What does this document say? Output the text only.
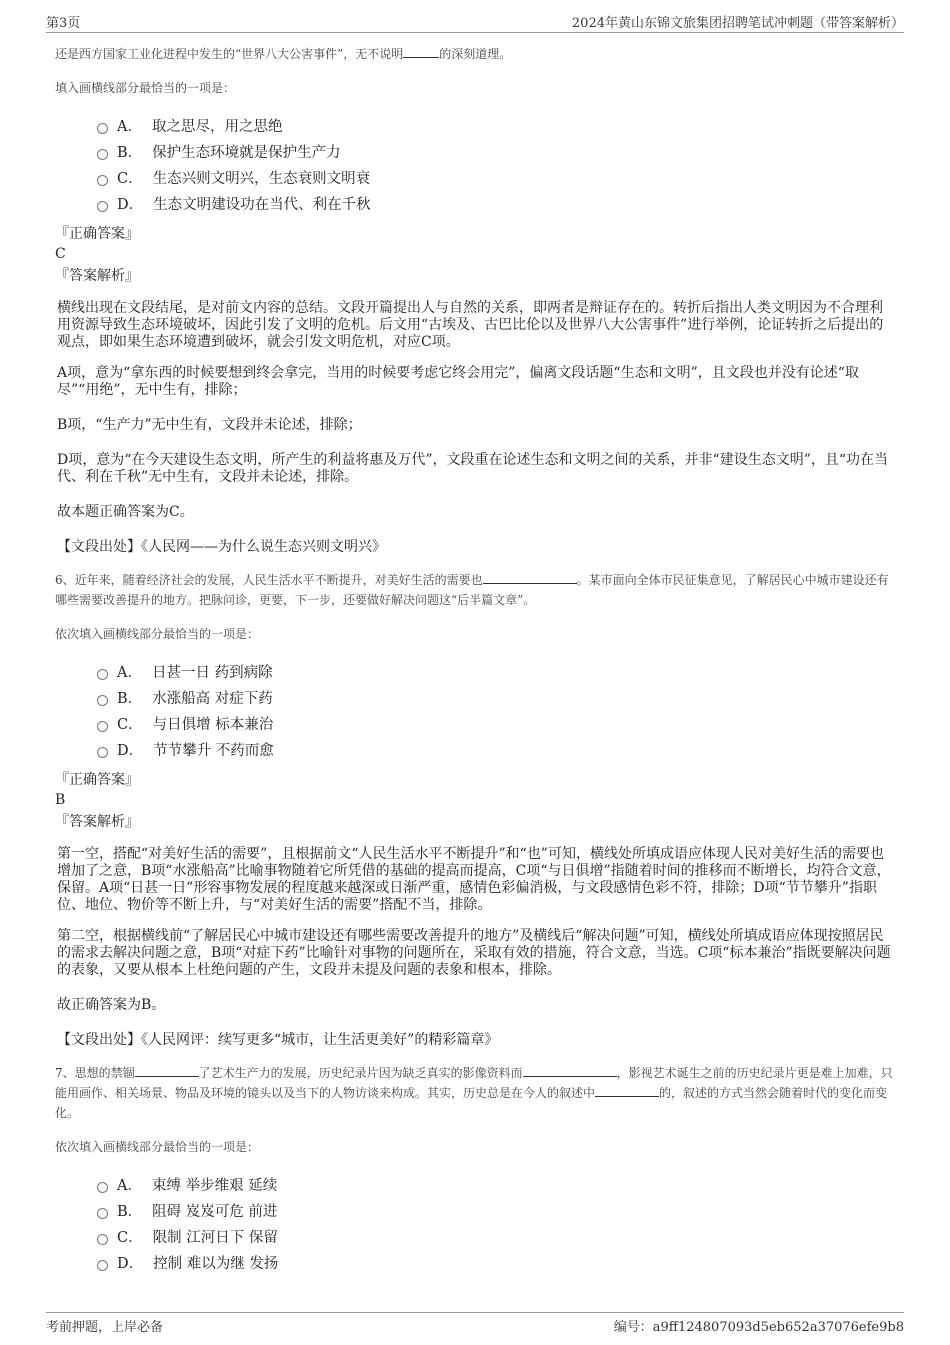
第3页	2024年黄山东锦文旅集团招聘笔试冲刺题（带答案解析）
还是西方国家工业化进程中发生的“世界八大公害事件”，无不说明	的深刻道理。
填入画横线部分最恰当的一项是：
A． 取之思尽，用之思绝
B． 保护生态环境就是保护生产力
C． 生态兴则文明兴，生态衰则文明衰
D． 生态文明建设功在当代、利在千秋
『正确答案』
C
『答案解析』
横线出现在文段结尾，是对前文内容的总结。文段开篇提出人与自然的关系，即两者是辩证存在的。转折后指出人类文明因为不合理利用资源导致生态环境破坏，因此引发了文明的危机。后文用“古埃及、古巴比伦以及世界八大公害事件”进行举例，论证转折之后提出的观点，即如果生态环境遭到破坏，就会引发文明危机，对应C项。
A项，意为“拿东西的时候要想到终会拿完，当用的时候要考虑它终会用完”，偏离文段话题“生态和文明”，且文段也并没有论述“取尽”“用绝”，无中生有，排除；
B项，“生产力”无中生有，文段并未论述，排除；
D项，意为“在今天建设生态文明，所产生的利益将惠及万代”，文段重在论述生态和文明之间的关系，并非“建设生态文明”，且“功在当代、利在千秋”无中生有，文段并未论述，排除。
故本题正确答案为C。
【文段出处】《人民网——为什么说生态兴则文明兴》
6、近年来，随着经济社会的发展，人民生活水平不断提升，对美好生活的需要也	。某市面向全体市民征集意见，了解居民心中城市建设还有哪些需要改善提升的地方。把脉问诊，更要，下一步，还要做好解决问题这“后半篇文章”。
依次填入画横线部分最恰当的一项是：
A． 日甚一日 药到病除
B． 水涨船高 对症下药
C． 与日俱增 标本兼治
D． 节节攀升 不药而愈
『正确答案』
B
『答案解析』
第一空，搭配“对美好生活的需要”，且根据前文“人民生活水平不断提升”和“也”可知，横线处所填成语应体现人民对美好生活的需要也增加了之意，B项“水涨船高”比喻事物随着它所凭借的基础的提高而提高，C项“与日俱增”指随着时间的推移而不断增长，均符合文意，保留。A项“日甚一日”形容事物发展的程度越来越深或日渐严重，感情色彩偏消极，与文段感情色彩不符，排除；D项“节节攀升”指职位、地位、物价等不断上升，与“对美好生活的需要”搭配不当，排除。
第二空，根据横线前“了解居民心中城市建设还有哪些需要改善提升的地方”及横线后“解决问题”可知，横线处所填成语应体现按照居民的需求去解决问题之意，B项“对症下药”比喻针对事物的问题所在，采取有效的措施，符合文意，当选。C项“标本兼治”指既要解决问题的表象，又要从根本上杜绝问题的产生，文段并未提及问题的表象和根本，排除。
故正确答案为B。
【文段出处】《人民网评：续写更多“城市，让生活更美好”的精彩篇章》
7、思想的禁锢	了艺术生产力的发展，历史纪录片因为缺乏真实的影像资料而	，影视艺术诞生之前的历史纪录片更是难上加难，只能用画作、相关场景、物品及环境的镜头以及当下的人物访谈来构成。其实，历史总是在今人的叙述中	的，叙述的方式当然会随着时代的变化而变化。
依次填入画横线部分最恰当的一项是：
A． 束缚 举步维艰 延续
B． 阻碍 岌岌可危 前进
C． 限制 江河日下 保留
D． 控制 难以为继 发扬
考前押题，上岸必备	编号：a9ff124807093d5eb652a37076efe9b8
